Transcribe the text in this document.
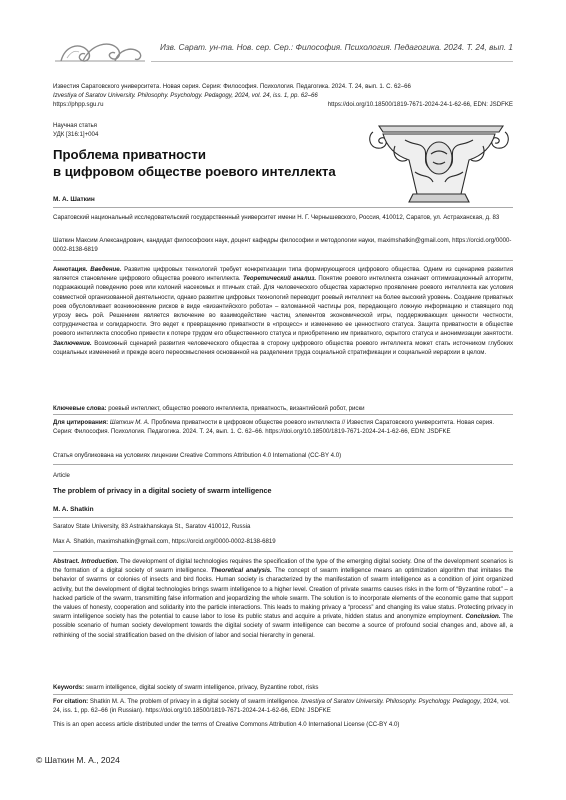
Изв. Сарат. ун-та. Нов. сер. Сер.: Философия. Психология. Педагогика. 2024. Т. 24, вып. 1
Известия Саратовского университета. Новая серия. Серия: Философия. Психология. Педагогика. 2024. Т. 24, вып. 1. С. 62–66
Izvestiya of Saratov University. Philosophy. Psychology. Pedagogy, 2024, vol. 24, iss. 1, pp. 62–66
https://phpp.sgu.ru	https://doi.org/10.18500/1819-7671-2024-24-1-62-66, EDN: JSDFKE
Научная статья
УДК [316:1]+004
Проблема приватности
в цифровом обществе роевого интеллекта
М. А. Шаткин
Саратовский национальный исследовательский государственный университет имени Н. Г. Чернышевского, Россия, 410012, Саратов, ул. Астраханская, д. 83
Шаткин Максим Александрович, кандидат философских наук, доцент кафедры философии и методологии науки, maximshatkin@gmail.com, https://orcid.org/0000-0002-8138-6819
Аннотация. Введение. Развитие цифровых технологий требует конкретизации типа формирующегося цифрового общества. Одним из сценариев развития является становление цифрового общества роевого интеллекта. Теоретический анализ. Понятие роевого интеллекта означает оптимизационный алгоритм, подражающий поведению роев или колоний насекомых и птичьих стай. Для человеческого общества характерно проявление роевого интеллекта как условия совместной организованной деятельности, однако развитие цифровых технологий переводит роевый интеллект на более высокий уровень. Создание приватных роев обусловливает возникновение рисков в виде «византийского робота» – взломанной частицы роя, передающего ложную информацию и ставящего под угрозу весь рой. Решением является включение во взаимодействие частиц элементов экономической игры, поддерживающих ценности честности, сотрудничества и солидарности. Это ведет к превращению приватности в «процесс» и изменению ее ценностного статуса. Защита приватности в обществе роевого интеллекта способно привести к потере трудом его общественного статуса и приобретению им приватного, скрытого статуса и анонимизации занятости. Заключение. Возможный сценарий развития человеческого общества в сторону цифрового общества роевого интеллекта может стать источником глубоких социальных изменений и прежде всего переосмысления основанной на разделении труда социальной стратификации и социальной иерархии в целом.
Ключевые слова: роевый интеллект, общество роевого интеллекта, приватность, византийский робот, риски
Для цитирования: Шаткин М. А. Проблема приватности в цифровом обществе роевого интеллекта // Известия Саратовского университета. Новая серия. Серия: Философия. Психология. Педагогика. 2024. Т. 24, вып. 1. С. 62–66. https://doi.org/10.18500/1819-7671-2024-24-1-62-66, EDN: JSDFKE
Статья опубликована на условиях лицензии Creative Commons Attribution 4.0 International (CC-BY 4.0)
Article
The problem of privacy in a digital society of swarm intelligence
M. A. Shatkin
Saratov State University, 83 Astrakhanskaya St., Saratov 410012, Russia
Max A. Shatkin, maximshatkin@gmail.com, https://orcid.org/0000-0002-8138-6819
Abstract. Introduction. The development of digital technologies requires the specification of the type of the emerging digital society. One of the development scenarios is the formation of a digital society of swarm intelligence. Theoretical analysis. The concept of swarm intelligence means an optimization algorithm that imitates the behavior of swarms or colonies of insects and bird flocks. Human society is characterized by the manifestation of swarm intelligence as a condition of joint organized activity, but the development of digital technologies brings swarm intelligence to a higher level. Creation of private swarms causes risks in the form of “Byzantine robot” – a hacked particle of the swarm, transmitting false information and jeopardizing the whole swarm. The solution is to incorporate elements of the economic game that support the values of honesty, cooperation and solidarity into the particle interactions. This leads to making privacy a “process” and changing its value status. Protecting privacy in swarm intelligence society has the potential to cause labor to lose its public status and acquire a private, hidden status and anonymize employment. Conclusion. The possible scenario of human society development towards the digital society of swarm intelligence can become a source of profound social changes and, above all, a rethinking of the social stratification based on the division of labor and social hierarchy in general.
Keywords: swarm intelligence, digital society of swarm intelligence, privacy, Byzantine robot, risks
For citation: Shatkin M. A. The problem of privacy in a digital society of swarm intelligence. Izvestiya of Saratov University. Philosophy. Psychology. Pedagogy, 2024, vol. 24, iss. 1, pp. 62–66 (in Russian). https://doi.org/10.18500/1819-7671-2024-24-1-62-66, EDN: JSDFKE
This is an open access article distributed under the terms of Creative Commons Attribution 4.0 International License (CC-BY 4.0)
© Шаткин М. А., 2024
